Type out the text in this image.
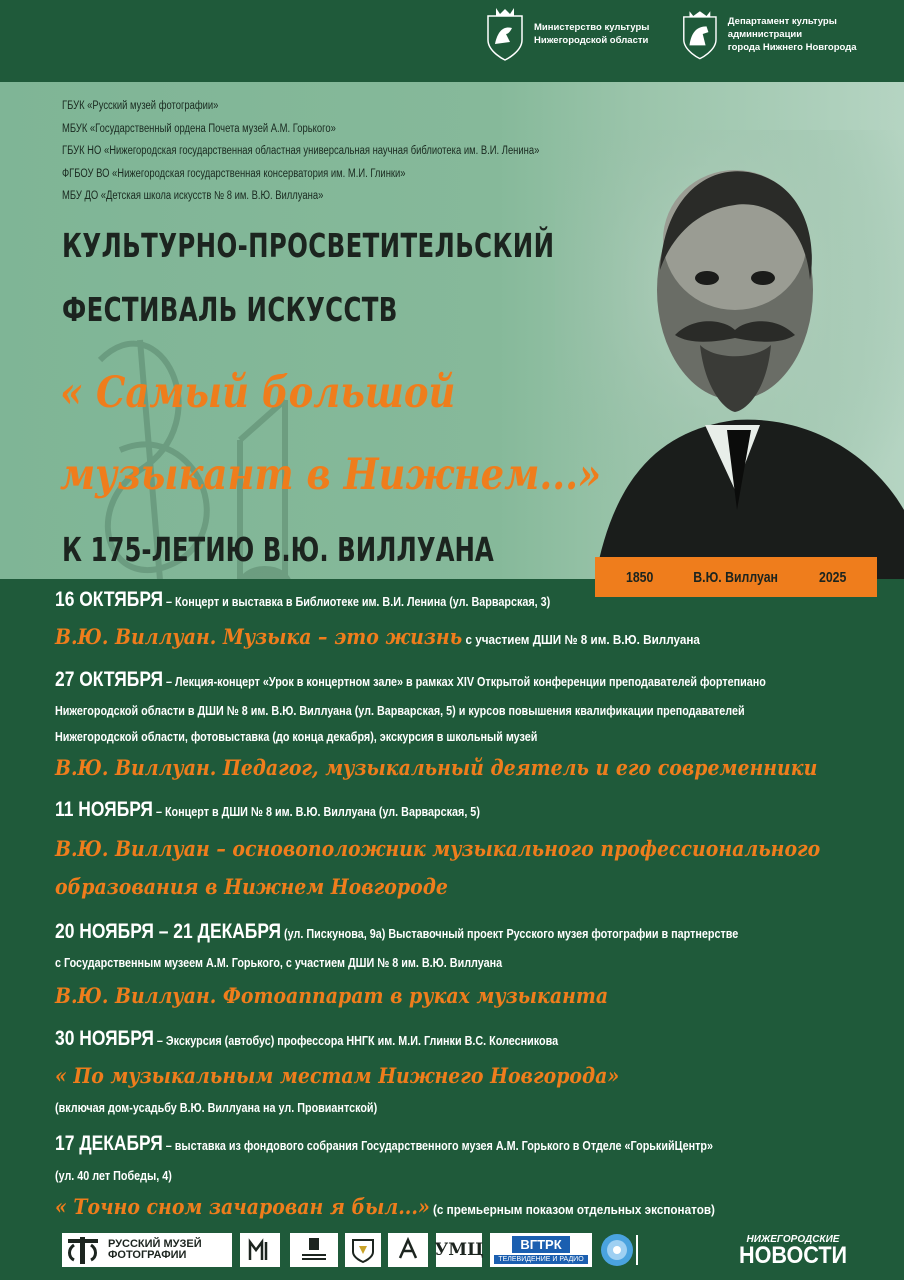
Министерство культуры
Нижегородской области
Департамент культуры администрации
города Нижнего Новгорода
ГБУК «Русский музей фотографии»
МБУК «Государственный ордена Почета музей А.М. Горького»
ГБУК НО «Нижегородская государственная областная универсальная научная библиотека им. В.И. Ленина»
ФГБОУ ВО «Нижегородская государственная консерватория им. М.И. Глинки»
МБУ ДО «Детская школа искусств № 8 им. В.Ю. Виллуана»
КУЛЬТУРНО-ПРОСВЕТИТЕЛЬСКИЙ
ФЕСТИВАЛЬ ИСКУССТВ
« Самый большой
музыкант в Нижнем...»
К 175-ЛЕТИЮ В.Ю. ВИЛЛУАНА
1850	В.Ю. Виллуан	2025
16 ОКТЯБРЯ – Концерт и выставка в Библиотеке им. В.И. Ленина (ул. Варварская, 3)
В.Ю. Виллуан. Музыка – это жизнь с участием ДШИ № 8 им. В.Ю. Виллуана
27 ОКТЯБРЯ – Лекция-концерт «Урок в концертном зале» в рамках XIV Открытой конференции преподавателей фортепиано
Нижегородской области в ДШИ № 8 им. В.Ю. Виллуана (ул. Варварская, 5) и курсов повышения квалификации преподавателей
Нижегородской области, фотовыставка (до конца декабря), экскурсия в школьный музей
В.Ю. Виллуан. Педагог, музыкальный деятель и его современники
11 НОЯБРЯ – Концерт в ДШИ № 8 им. В.Ю. Виллуана (ул. Варварская, 5)
В.Ю. Виллуан – основоположник музыкального профессионального
образования в Нижнем Новгороде
20 НОЯБРЯ – 21 ДЕКАБРЯ (ул. Пискунова, 9а) Выставочный проект Русского музея фотографии в партнерстве
с Государственным музеем А.М. Горького, с участием ДШИ № 8 им. В.Ю. Виллуана
В.Ю. Виллуан. Фотоаппарат в руках музыканта
30 НОЯБРЯ – Экскурсия (автобус) профессора ННГК им. М.И. Глинки В.С. Колесникова
« По музыкальным местам Нижнего Новгорода»
(включая дом-усадьбу В.Ю. Виллуана на ул. Провиантской)
17 ДЕКАБРЯ – выставка из фондового собрания Государственного музея А.М. Горького в Отделе «ГорькийЦентр»
(ул. 40 лет Победы, 4)
« Точно сном зачарован я был...» (с премьерным показом отдельных экспонатов)
РУССКИЙ МУЗЕЙ
ФОТОГРАФИИ	УМЦ	ВГТРК
ТЕЛЕВИДЕНИЕ И РАДИО
НИЖЕГОРОДСКИЕ
НОВОСТИ
